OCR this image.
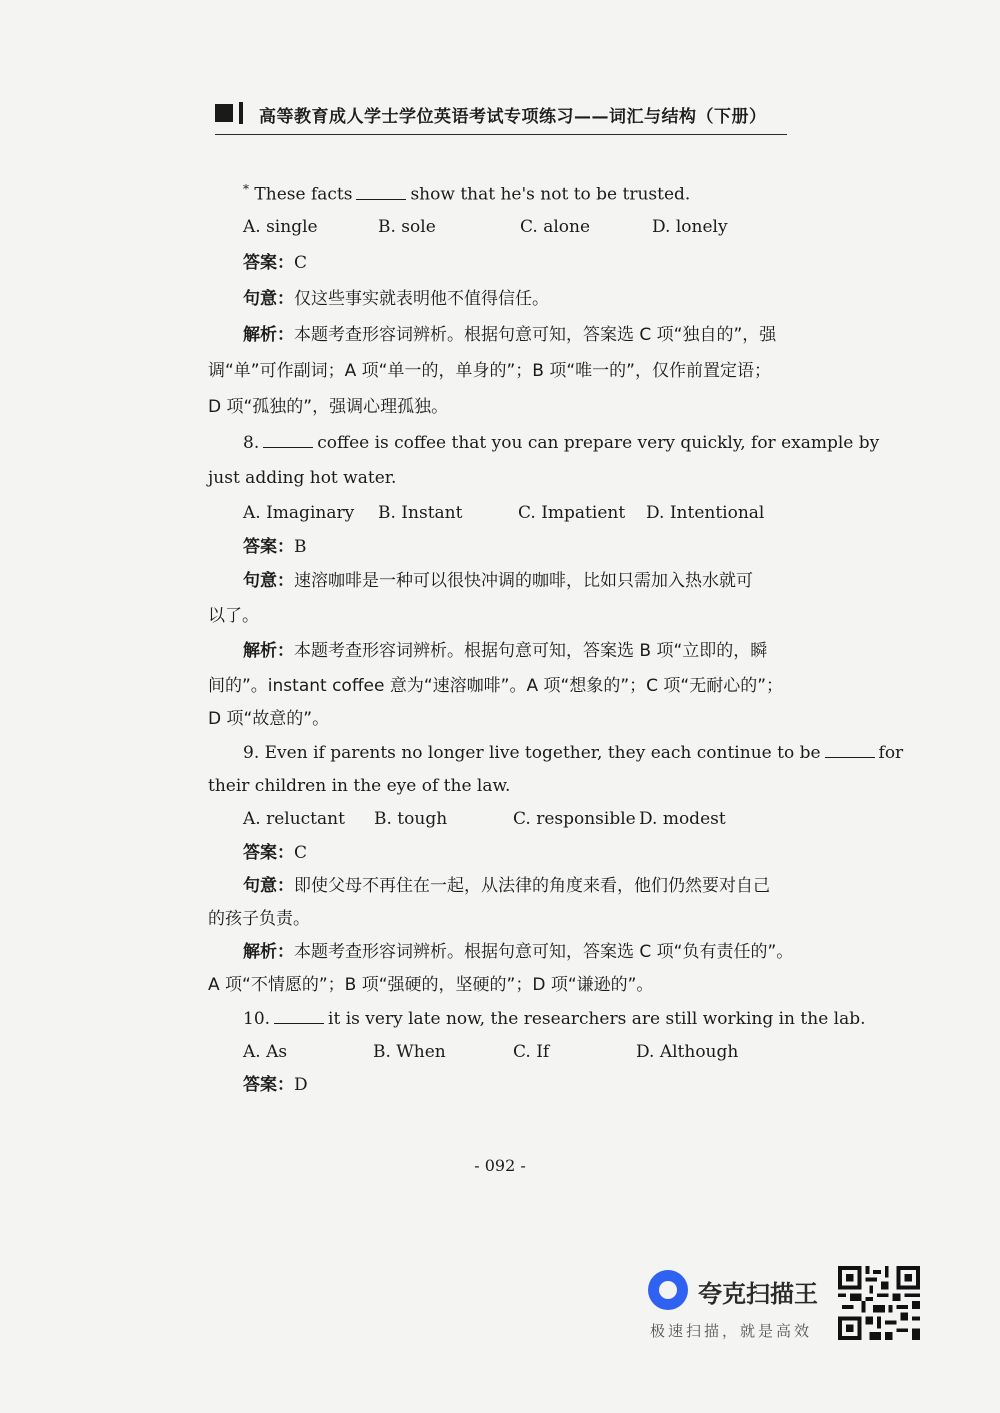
高等教育成人学士学位英语考试专项练习——词汇与结构（下册）
* These facts	show that he's not to be trusted.
A. single	B. sole	C. alone	D. lonely
答案：C
句意：仅这些事实就表明他不值得信任。
解析：本题考查形容词辨析。根据句意可知，答案选 C 项“独自的”，强
调“单”可作副词；A 项“单一的，单身的”；B 项“唯一的”，仅作前置定语；
D 项“孤独的”，强调心理孤独。
8.	coffee is coffee that you can prepare very quickly, for example by
just adding hot water.
A. Imaginary B. Instant	C. Impatient D. Intentional
答案：B
句意：速溶咖啡是一种可以很快冲调的咖啡，比如只需加入热水就可
以了。
解析：本题考查形容词辨析。根据句意可知，答案选 B 项“立即的，瞬
间的”。instant coffee 意为“速溶咖啡”。A 项“想象的”；C 项“无耐心的”；
D 项“故意的”。
9. Even if parents no longer live together, they each continue to be	for
their children in the eye of the law.
A. reluctant B. tough	C. responsible D. modest
答案：C
句意：即使父母不再住在一起，从法律的角度来看，他们仍然要对自己
的孩子负责。
解析：本题考查形容词辨析。根据句意可知，答案选 C 项“负有责任的”。
A 项“不情愿的”；B 项“强硬的，坚硬的”；D 项“谦逊的”。
10.	it is very late now, the researchers are still working in the lab.
A. As	B. When	C. If	D. Although
答案：D
- 092 -
夸克扫描王
极速扫描，就是高效
